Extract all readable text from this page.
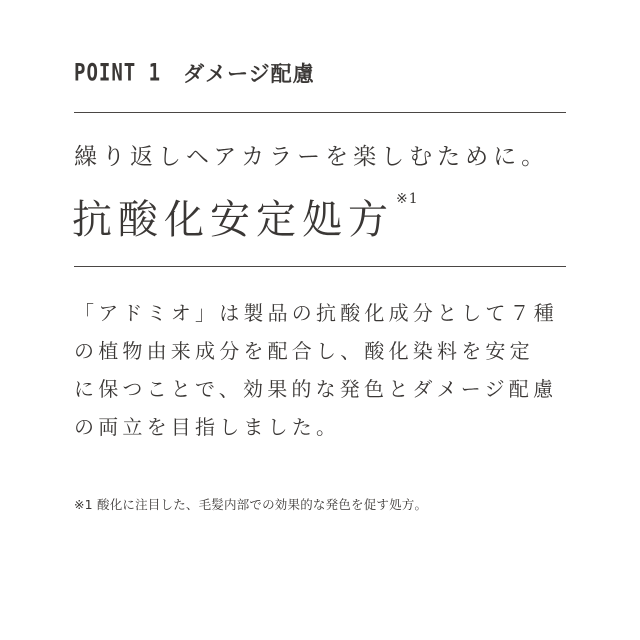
POINT 1 ダメージ配慮
繰り返しヘアカラーを楽しむために。
抗酸化安定処方$^{※1}$
「アドミオ」は製品の抗酸化成分として７種
の植物由来成分を配合し、酸化染料を安定
に保つことで、効果的な発色とダメージ配慮
の両立を目指しました。
※1 酸化に注目した、毛髪内部での効果的な発色を促す処方。
